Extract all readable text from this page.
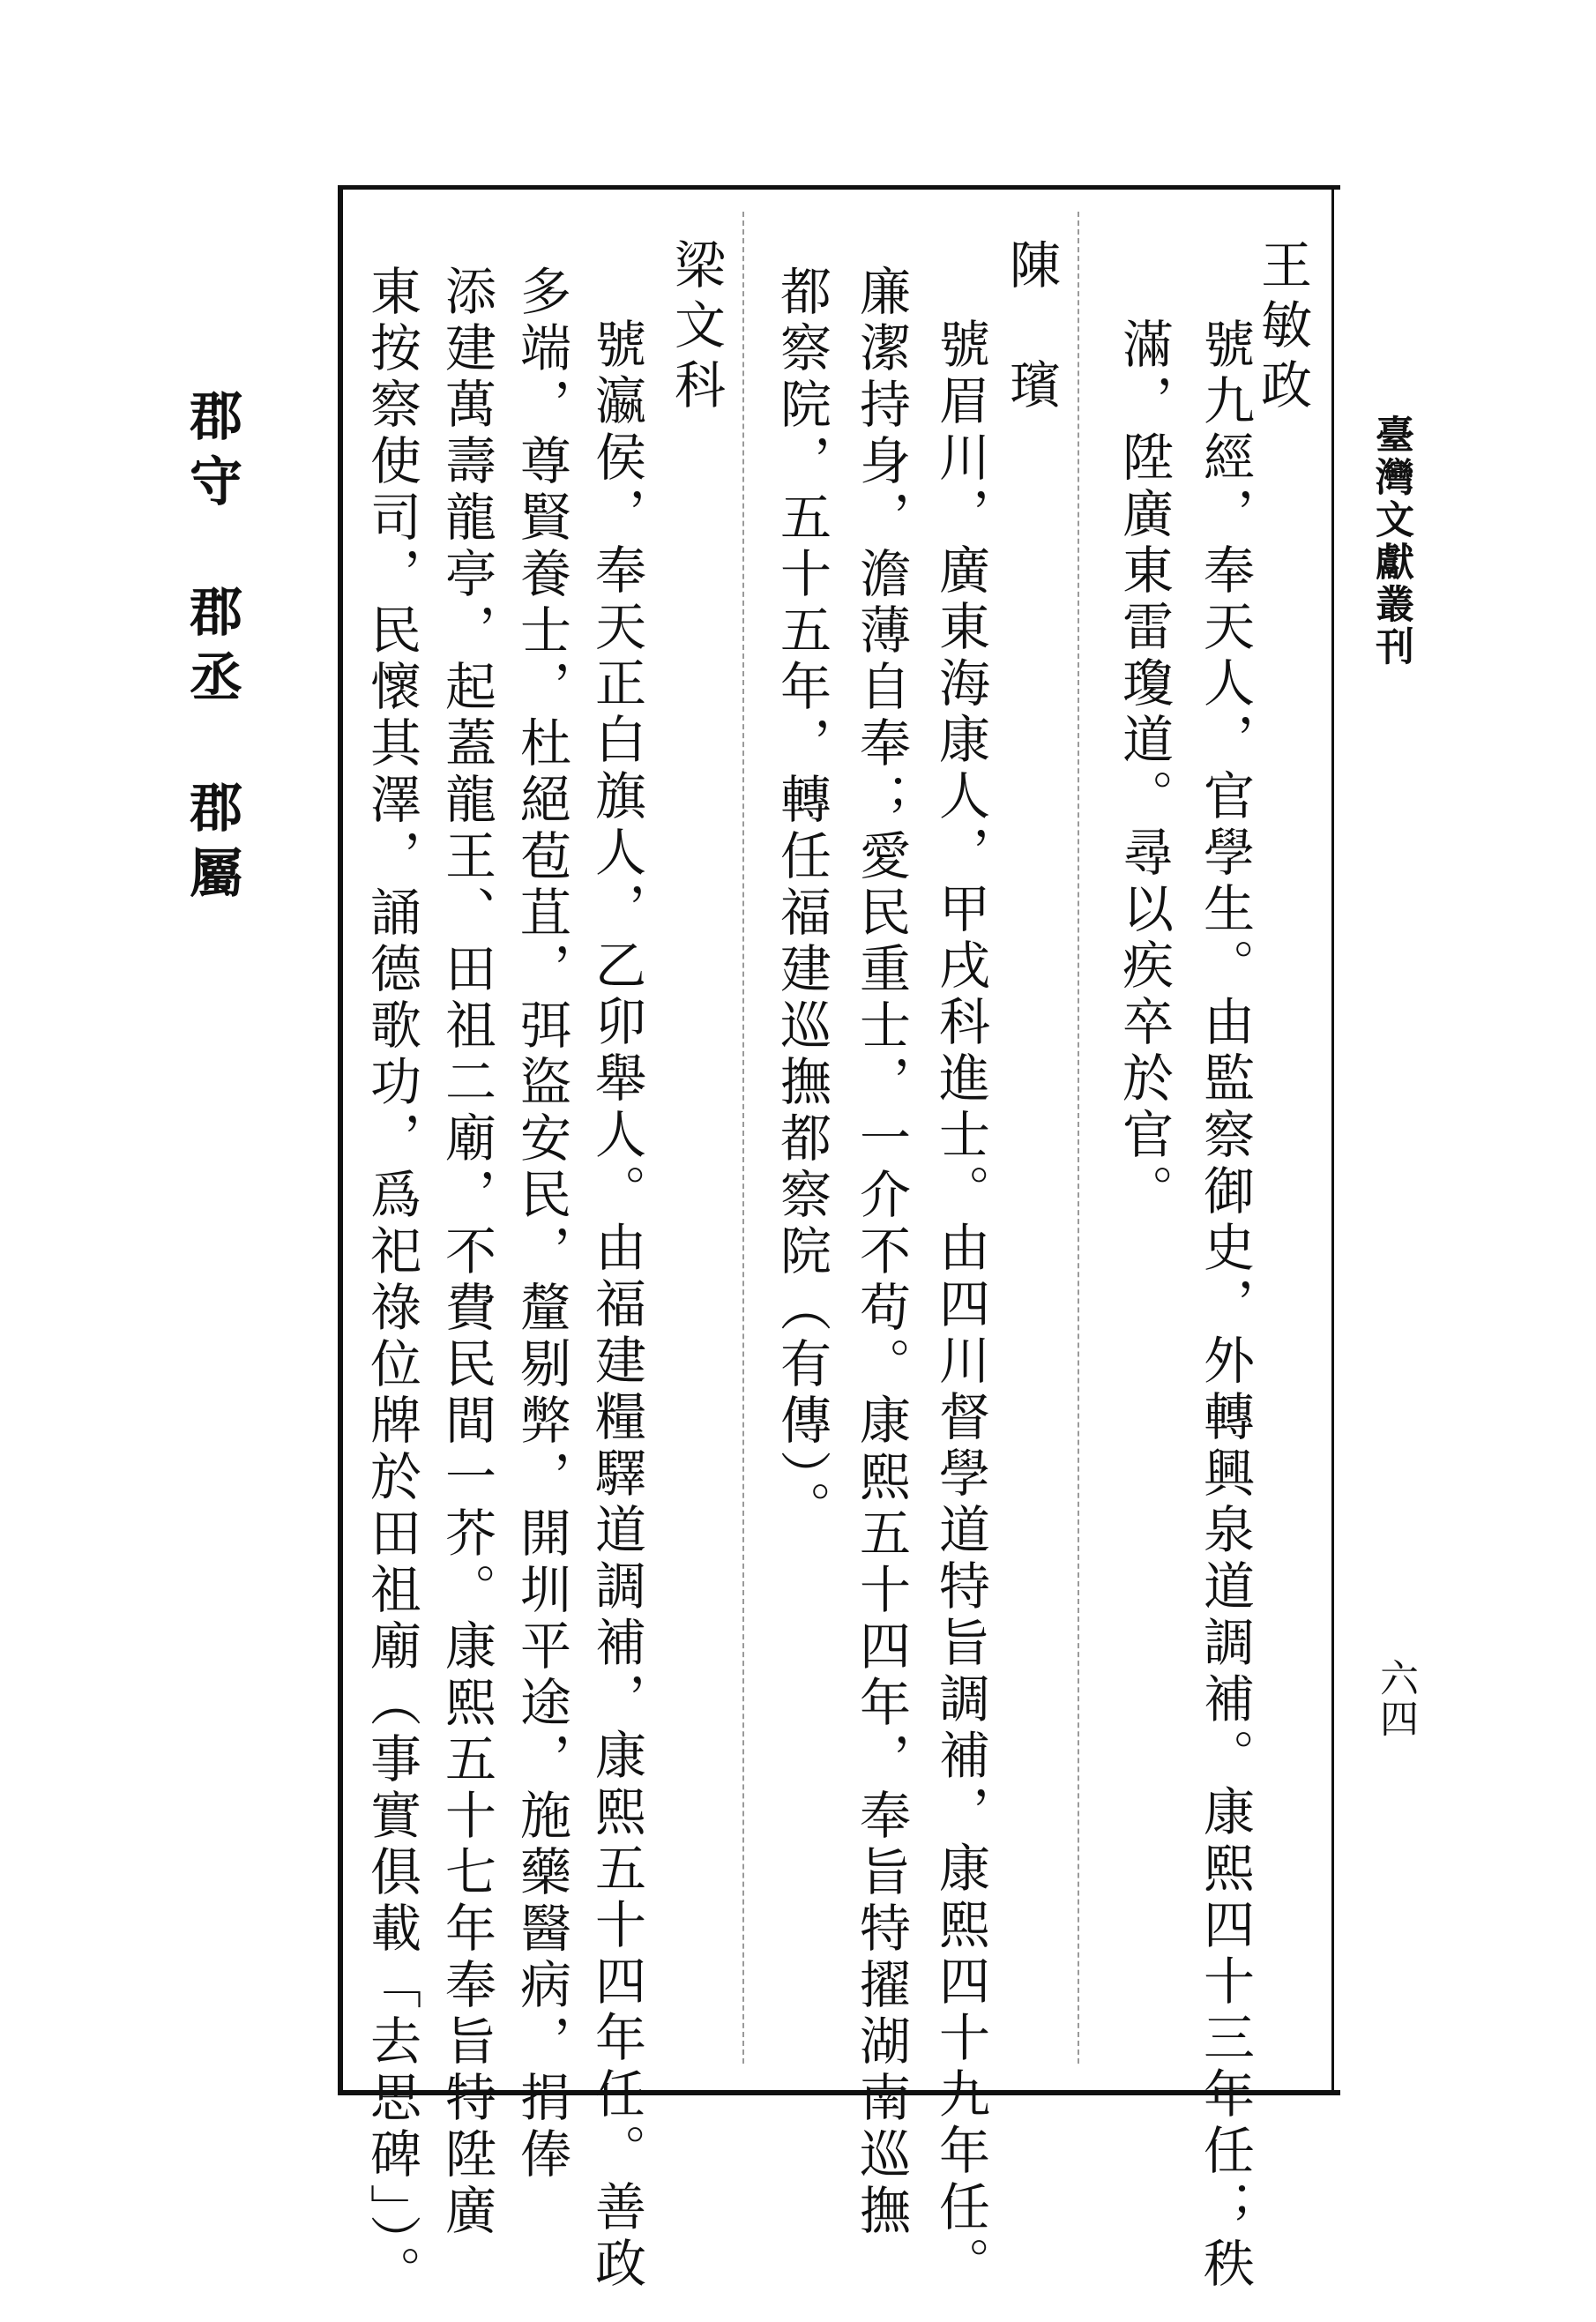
臺灣文獻叢刊
六四
王敏政
號九經，奉天人，官學生。由監察御史，外轉興泉道調補。康熙四十三年任；秩
滿，陞廣東雷瓊道。尋以疾卒於官。
陳　璸
號眉川，廣東海康人，甲戌科進士。由四川督學道特旨調補，康熙四十九年任。
廉潔持身，澹薄自奉；愛民重士，一介不苟。康熙五十四年，奉旨特擢湖南巡撫
都察院，五十五年，轉任福建巡撫都察院（有傳）。
梁文科
號瀛侯，奉天正白旗人，乙卯舉人。由福建糧驛道調補，康熙五十四年任。善政
多端，尊賢養士，杜絕苞苴，弭盜安民，釐剔弊，開圳平途，施藥醫病，捐俸
添建萬壽龍亭，起蓋龍王、田祖二廟，不費民間一芥。康熙五十七年奉旨特陞廣
東按察使司，民懷其澤，誦德歌功，爲祀祿位牌於田祖廟（事實俱載「去思碑」）。
郡守　郡丞　郡屬
